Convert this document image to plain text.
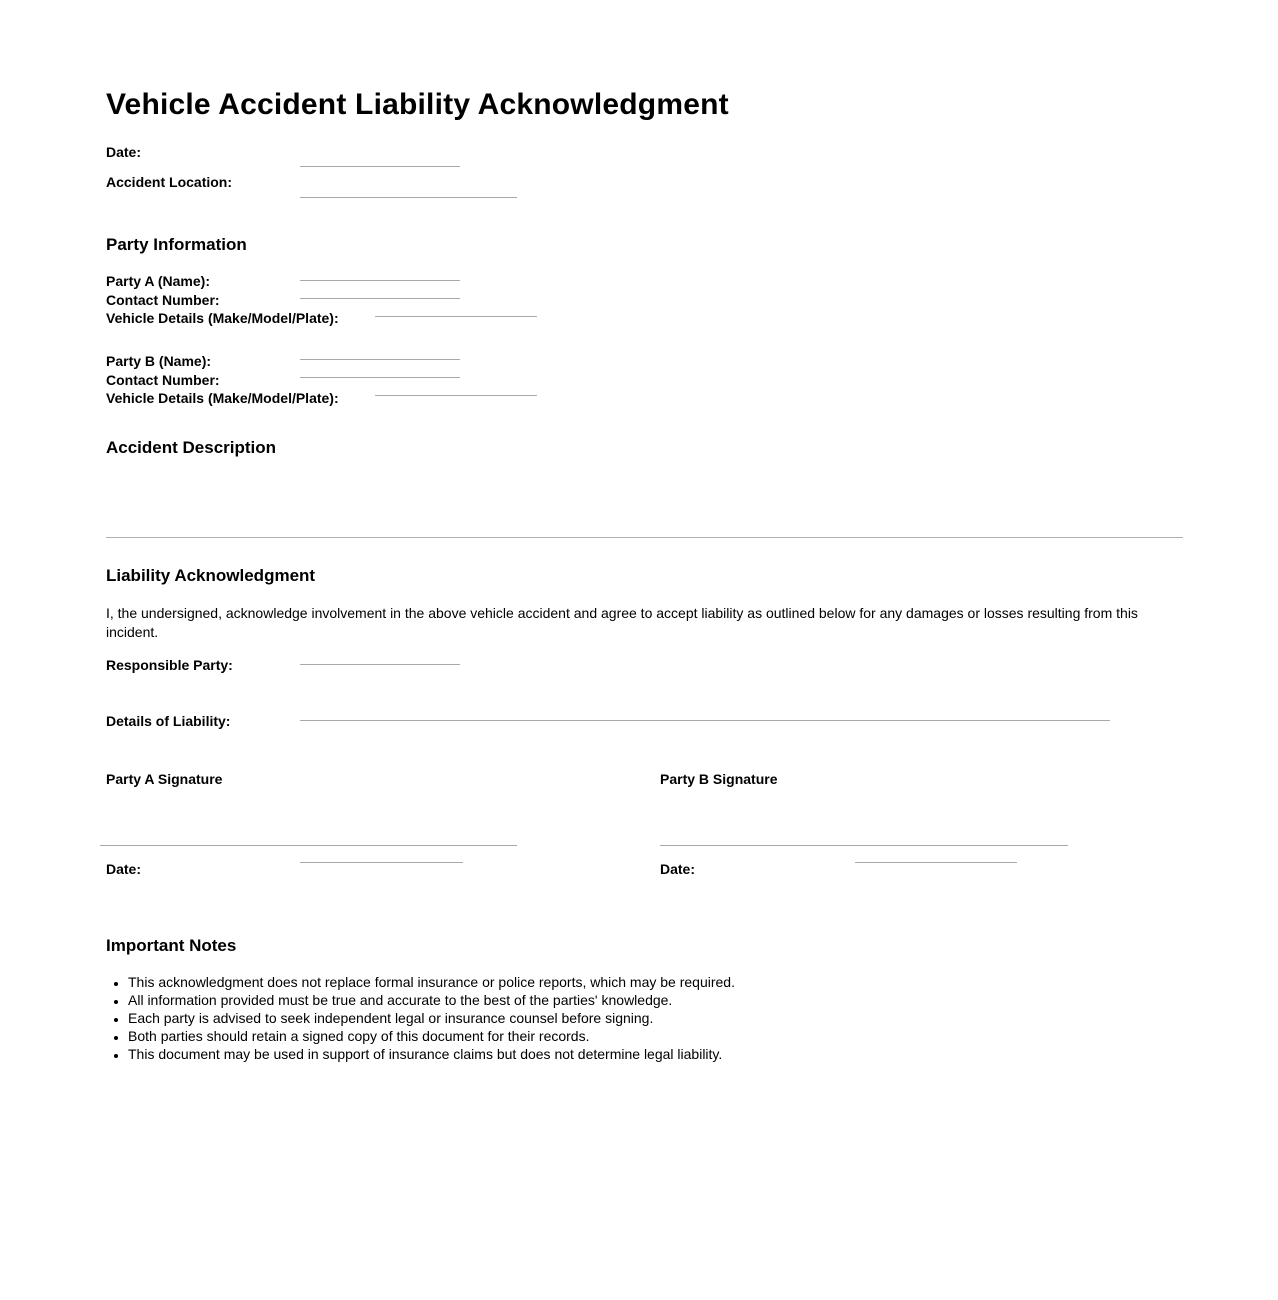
Vehicle Accident Liability Acknowledgment
Date:
Accident Location:
Party Information
Party A (Name):
Contact Number:
Vehicle Details (Make/Model/Plate):
Party B (Name):
Contact Number:
Vehicle Details (Make/Model/Plate):
Accident Description
Liability Acknowledgment

I, the undersigned, acknowledge involvement in the above vehicle accident and agree to accept liability as outlined below for any damages or losses resulting from this incident.

Responsible Party:
Details of Liability:
Party A Signature	Party B Signature
Date:	Date:
Important Notes
• This acknowledgment does not replace formal insurance or police reports, which may be required.
• All information provided must be true and accurate to the best of the parties' knowledge.
• Each party is advised to seek independent legal or insurance counsel before signing.
• Both parties should retain a signed copy of this document for their records.
• This document may be used in support of insurance claims but does not determine legal liability.
